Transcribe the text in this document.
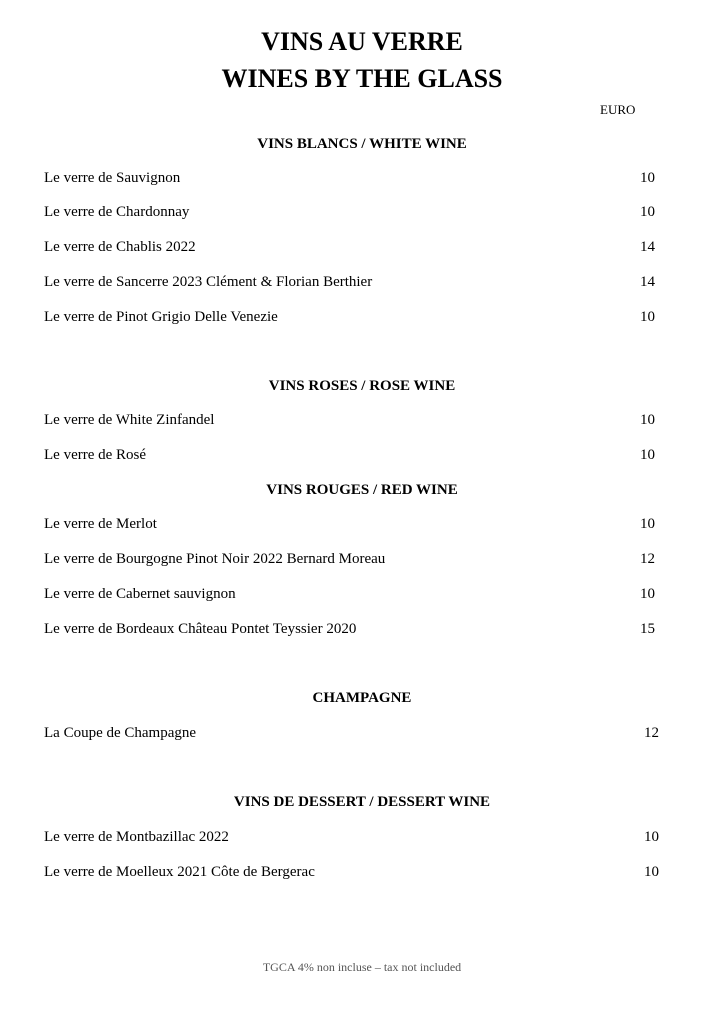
VINS AU VERRE
WINES BY THE GLASS
EURO
VINS BLANCS / WHITE WINE
Le verre de Sauvignon	10
Le verre de Chardonnay	10
Le verre de Chablis 2022	14
Le verre de Sancerre 2023 Clément & Florian Berthier	14
Le verre de Pinot Grigio Delle Venezie	10
VINS ROSES / ROSE WINE
Le verre de White Zinfandel	10
Le verre de Rosé	10
VINS ROUGES / RED WINE
Le verre de Merlot	10
Le verre de Bourgogne Pinot Noir 2022 Bernard Moreau	12
Le verre de Cabernet sauvignon	10
Le verre de Bordeaux Château Pontet Teyssier 2020	15
CHAMPAGNE
La Coupe de Champagne	12
VINS DE DESSERT / DESSERT WINE
Le verre de Montbazillac 2022	10
Le verre de Moelleux 2021 Côte de Bergerac	10
TGCA 4% non incluse – tax not included
